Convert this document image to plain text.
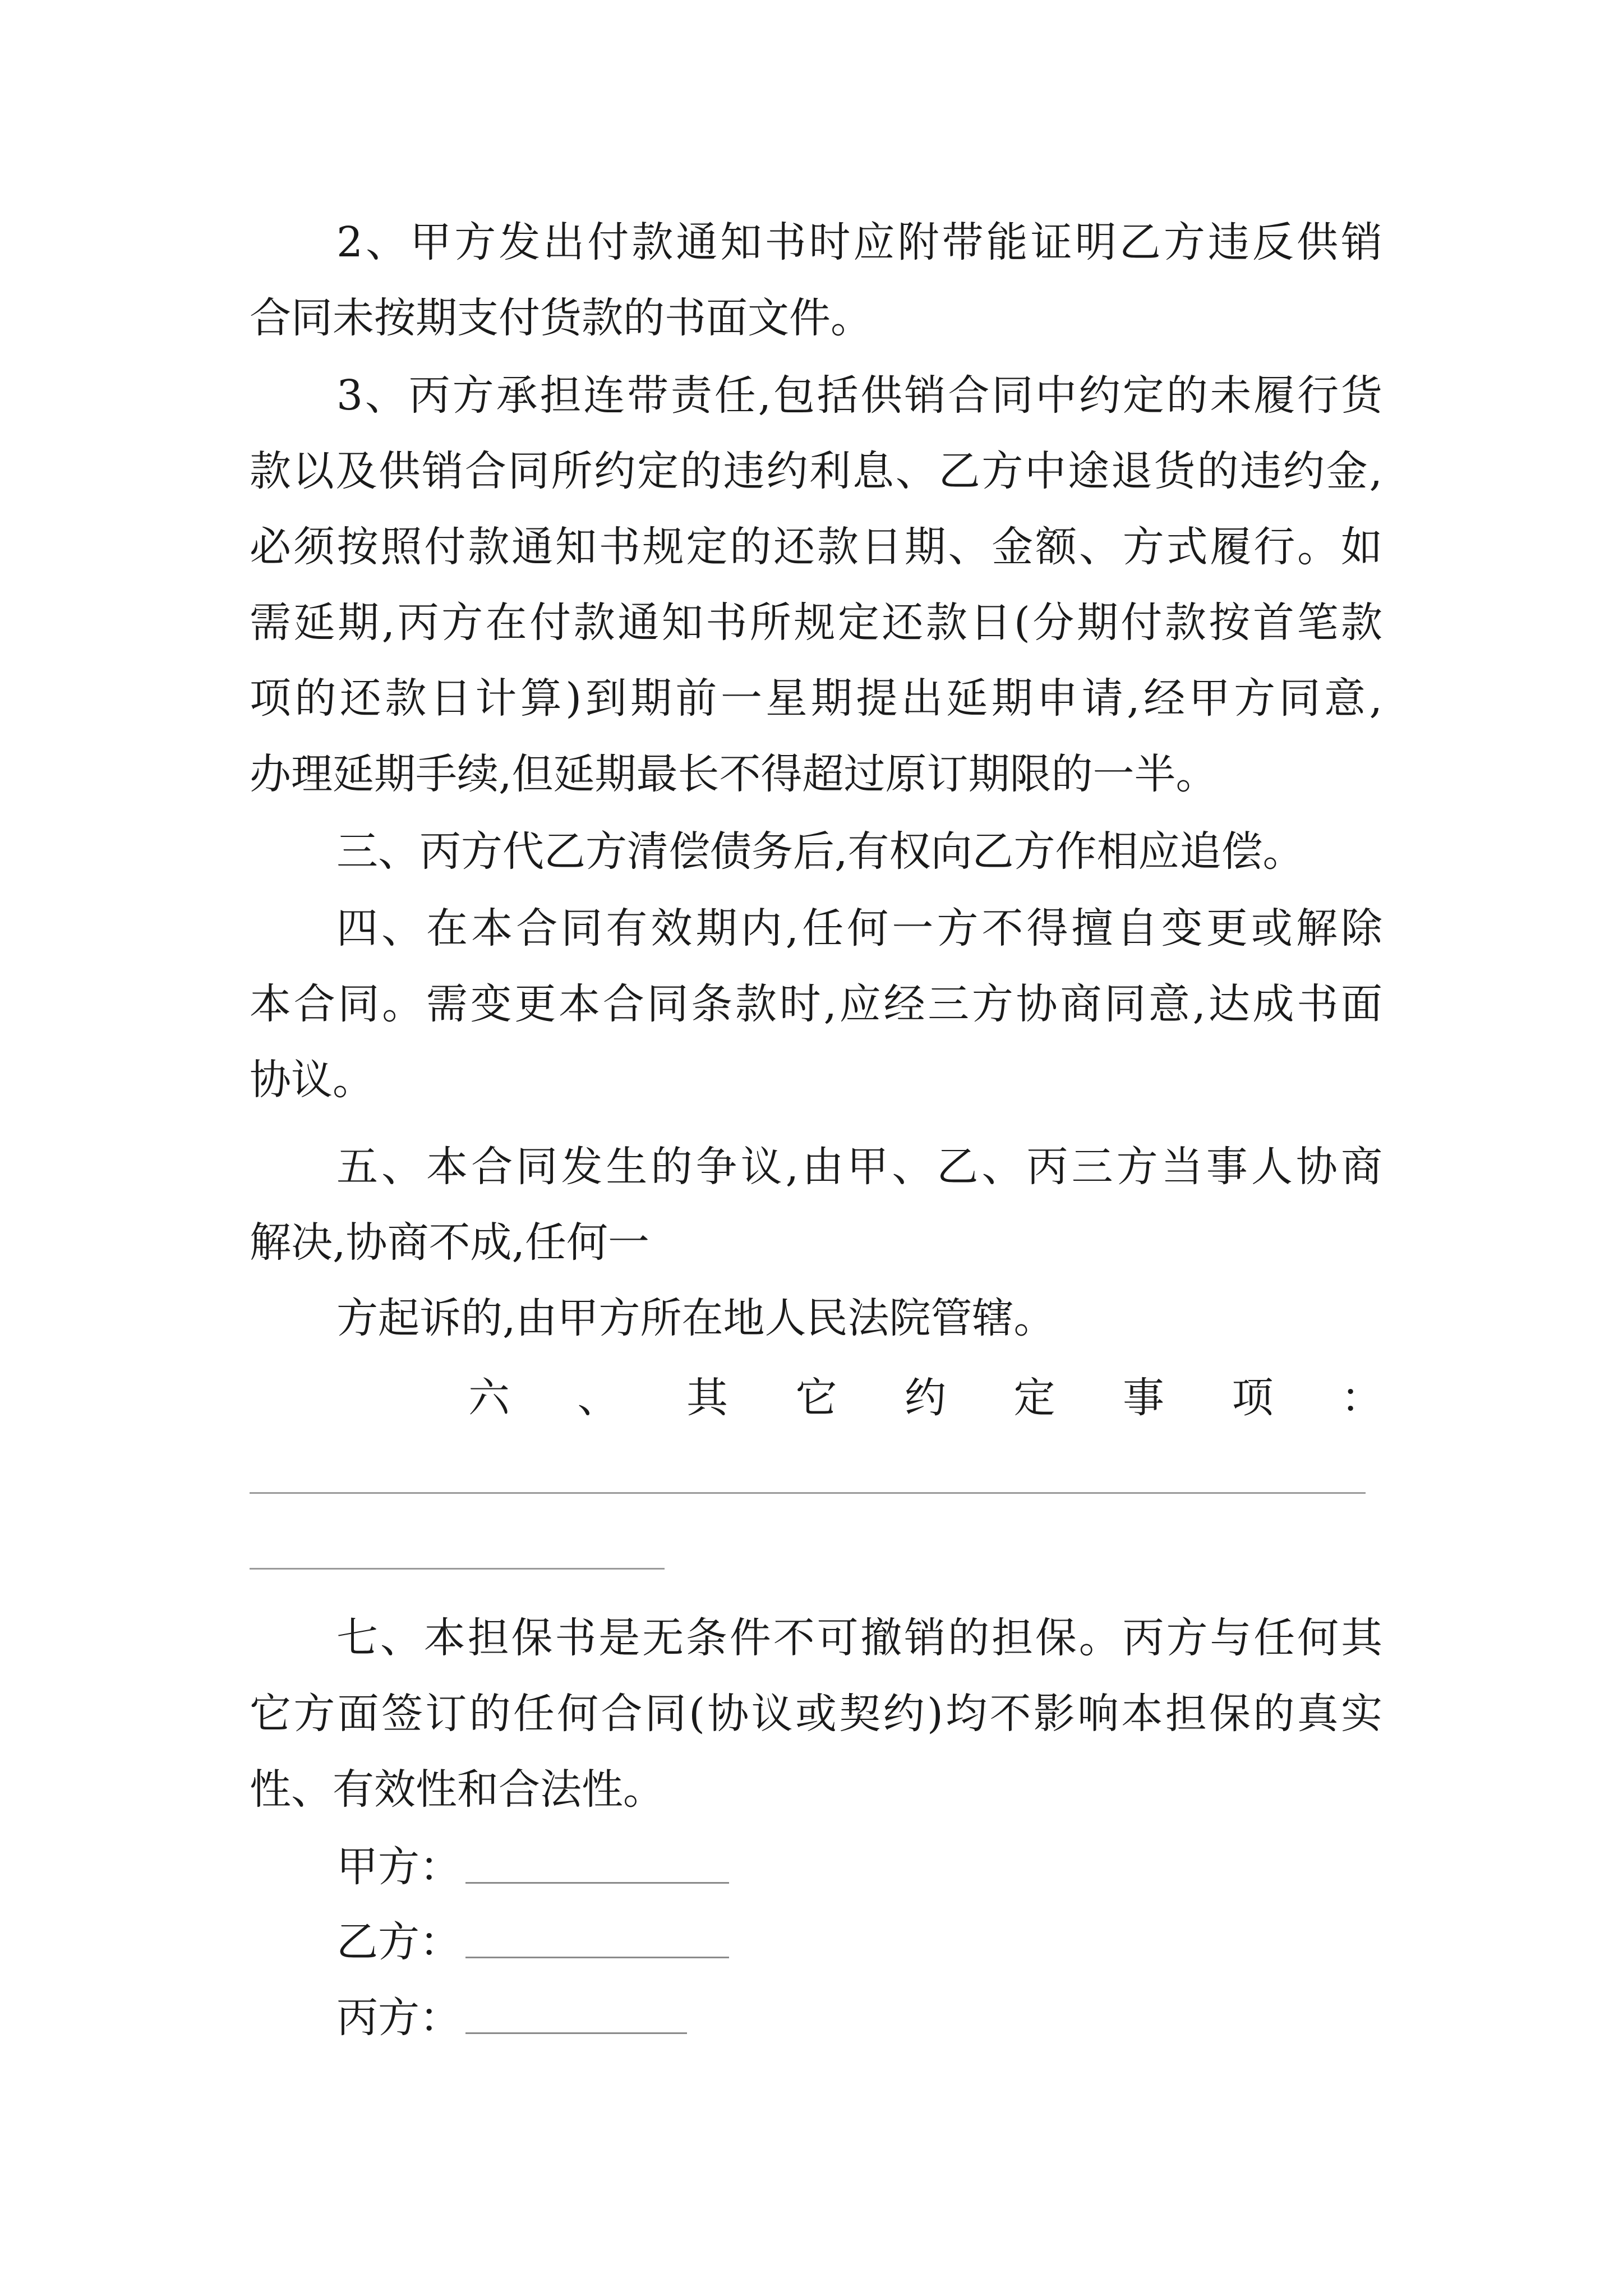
2、甲方发出付款通知书时应附带能证明乙方违反供销
合同未按期支付货款的书面文件。
3、丙方承担连带责任,包括供销合同中约定的未履行货
款以及供销合同所约定的违约利息、乙方中途退货的违约金,
必须按照付款通知书规定的还款日期、金额、方式履行。如
需延期,丙方在付款通知书所规定还款日(分期付款按首笔款
项的还款日计算)到期前一星期提出延期申请,经甲方同意,
办理延期手续,但延期最长不得超过原订期限的一半。
三、丙方代乙方清偿债务后,有权向乙方作相应追偿。
四、在本合同有效期内,任何一方不得擅自变更或解除
本合同。需变更本合同条款时,应经三方协商同意,达成书面
协议。
五、本合同发生的争议,由甲、乙、丙三方当事人协商
解决,协商不成,任何一
方起诉的,由甲方所在地人民法院管辖。
六 、 其 它 约 定 事 项 ：
七、本担保书是无条件不可撤销的担保。丙方与任何其
它方面签订的任何合同(协议或契约)均不影响本担保的真实
性、有效性和合法性。
甲方：
乙方：
丙方：
